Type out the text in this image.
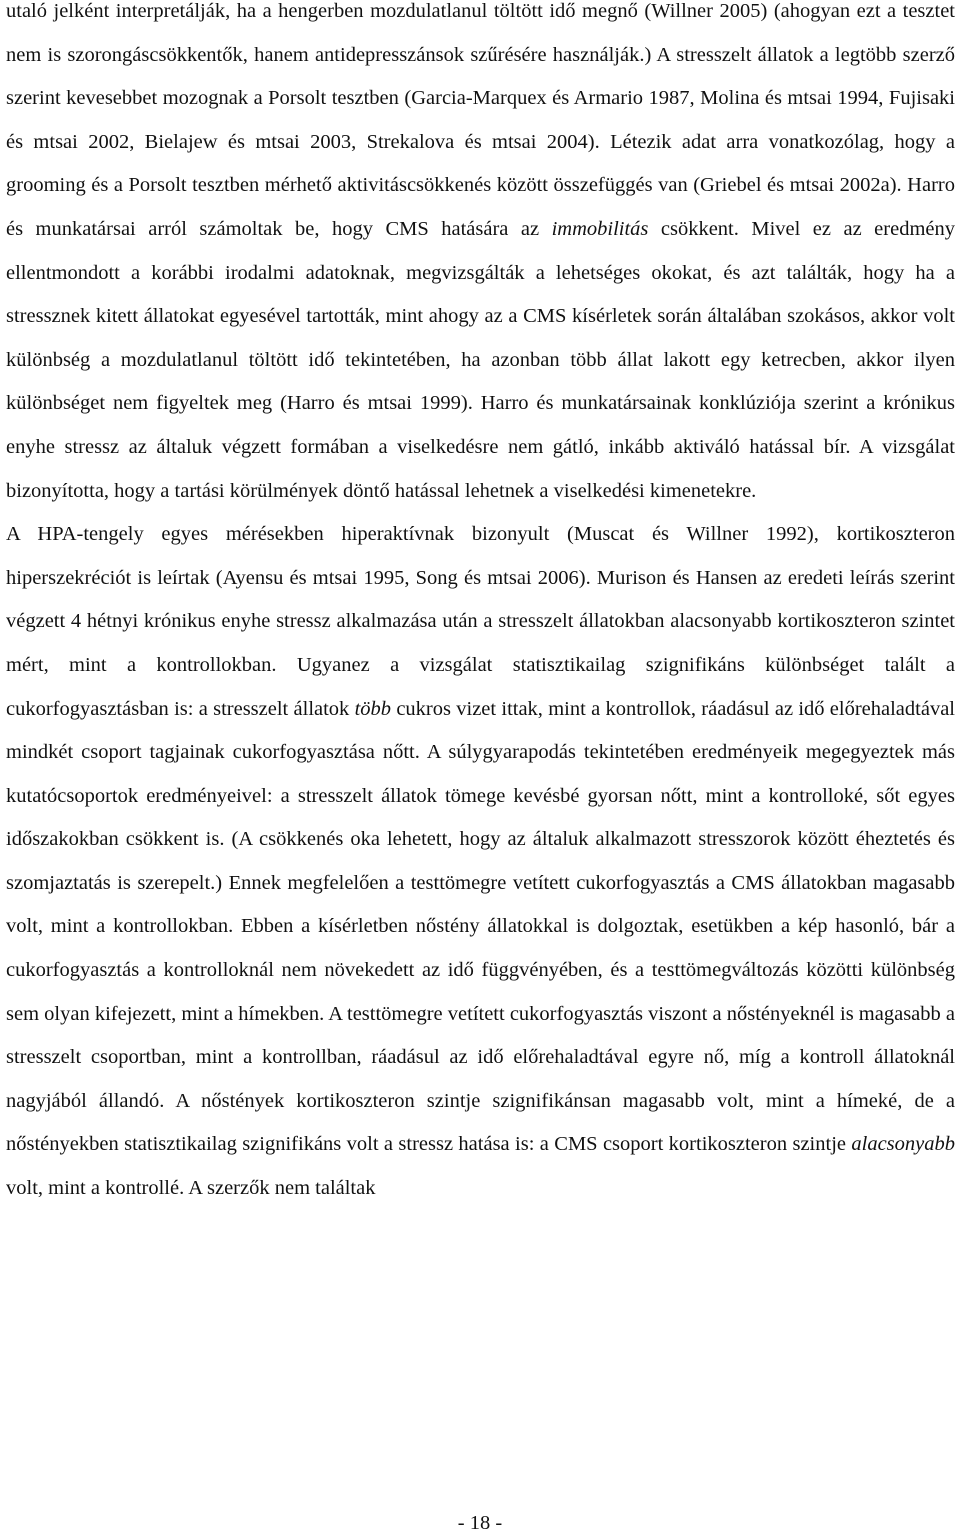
utaló jelként interpretálják, ha a hengerben mozdulatlanul töltött idő megnő (Willner 2005) (ahogyan ezt a tesztet nem is szorongáscsökkentők, hanem antidepresszánsok szűrésére használják.) A stresszelt állatok a legtöbb szerző szerint kevesebbet mozognak a Porsolt tesztben (Garcia-Marquex és Armario 1987, Molina és mtsai 1994, Fujisaki és mtsai 2002, Bielajew és mtsai 2003, Strekalova és mtsai 2004). Létezik adat arra vonatkozólag, hogy a grooming és a Porsolt tesztben mérhető aktivitáscsökkenés között összefüggés van (Griebel és mtsai 2002a). Harro és munkatársai arról számoltak be, hogy CMS hatására az immobilitás csökkent. Mivel ez az eredmény ellentmondott a korábbi irodalmi adatoknak, megvizsgálták a lehetséges okokat, és azt találták, hogy ha a stressznek kitett állatokat egyesével tartották, mint ahogy az a CMS kísérletek során általában szokásos, akkor volt különbség a mozdulatlanul töltött idő tekintetében, ha azonban több állat lakott egy ketrecben, akkor ilyen különbséget nem figyeltek meg (Harro és mtsai 1999). Harro és munkatársainak konklúziója szerint a krónikus enyhe stressz az általuk végzett formában a viselkedésre nem gátló, inkább aktiváló hatással bír. A vizsgálat bizonyította, hogy a tartási körülmények döntő hatással lehetnek a viselkedési kimenetekre.

A HPA-tengely egyes mérésekben hiperaktívnak bizonyult (Muscat és Willner 1992), kortikoszteron hiperszekréciót is leírtak (Ayensu és mtsai 1995, Song és mtsai 2006). Murison és Hansen az eredeti leírás szerint végzett 4 hétnyi krónikus enyhe stressz alkalmazása után a stresszelt állatokban alacsonyabb kortikoszteron szintet mért, mint a kontrollokban. Ugyanez a vizsgálat statisztikailag szignifikáns különbséget talált a cukorfogyasztásban is: a stresszelt állatok több cukros vizet ittak, mint a kontrollok, ráadásul az idő előrehaladtával mindkét csoport tagjainak cukorfogyasztása nőtt. A súlygyarapodás tekintetében eredményeik megegyeztek más kutatócsoportok eredményeivel: a stresszelt állatok tömege kevésbé gyorsan nőtt, mint a kontrolloké, sőt egyes időszakokban csökkent is. (A csökkenés oka lehetett, hogy az általuk alkalmazott stresszorok között éheztetés és szomjaztatás is szerepelt.) Ennek megfelelően a testtömegre vetített cukorfogyasztás a CMS állatokban magasabb volt, mint a kontrollokban. Ebben a kísérletben nőstény állatokkal is dolgoztak, esetükben a kép hasonló, bár a cukorfogyasztás a kontrolloknál nem növekedett az idő függvényében, és a testtömegváltozás közötti különbség sem olyan kifejezett, mint a hímekben. A testtömegre vetített cukorfogyasztás viszont a nőstényeknél is magasabb a stresszelt csoportban, mint a kontrollban, ráadásul az idő előrehaladtával egyre nő, míg a kontroll állatoknál nagyjából állandó. A nőstények kortikoszteron szintje szignifikánsan magasabb volt, mint a hímeké, de a nőstényekben statisztikailag szignifikáns volt a stressz hatása is: a CMS csoport kortikoszteron szintje alacsonyabb volt, mint a kontrollé. A szerzők nem találtak

- 18 -
